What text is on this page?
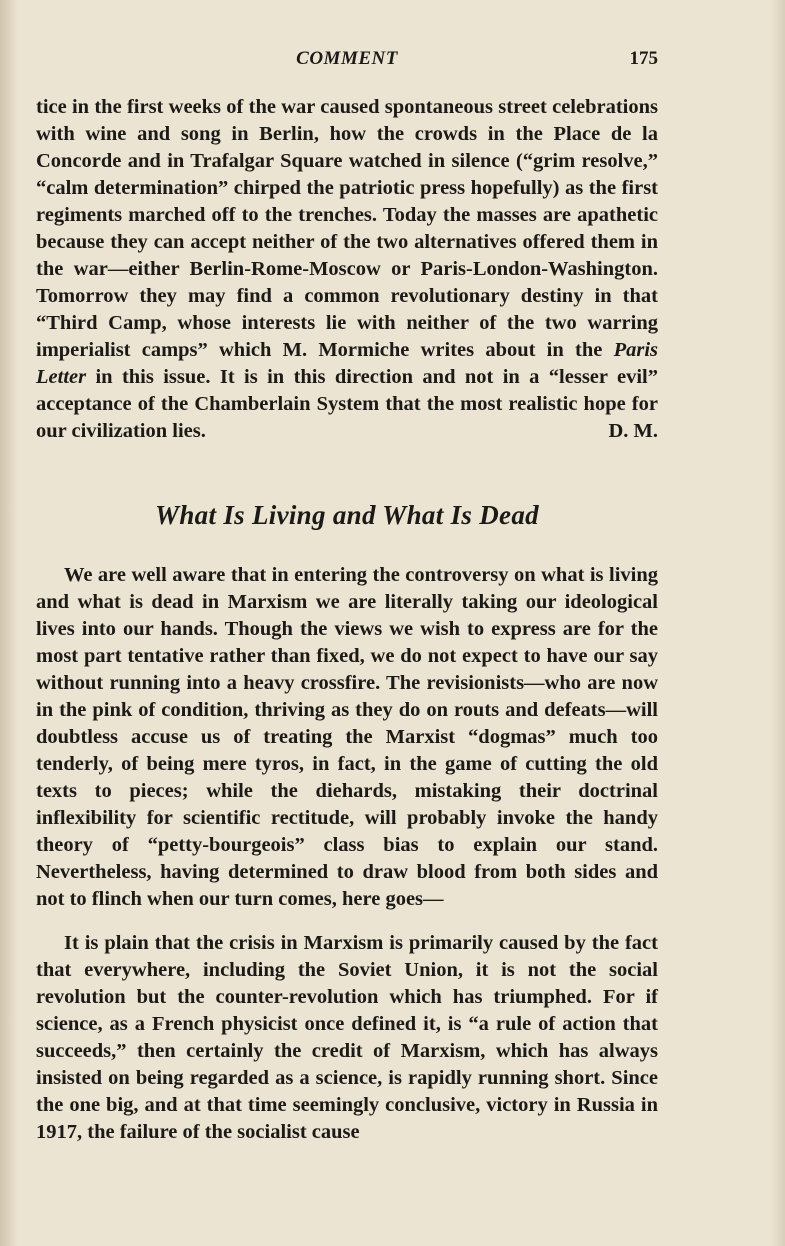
COMMENT	175

tice in the first weeks of the war caused spontaneous street celebrations with wine and song in Berlin, how the crowds in the Place de la Concorde and in Trafalgar Square watched in silence (“grim resolve,” “calm determination” chirped the patriotic press hopefully) as the first regiments marched off to the trenches. Today the masses are apathetic because they can accept neither of the two alternatives offered them in the war—either Berlin-Rome-Moscow or Paris-London-Washington. Tomorrow they may find a common revolutionary destiny in that “Third Camp, whose interests lie with neither of the two warring imperialist camps” which M. Mormiche writes about in the Paris Letter in this issue. It is in this direction and not in a “lesser evil” acceptance of the Chamberlain System that the most realistic hope for our civilization lies.	D. M.

What Is Living and What Is Dead

We are well aware that in entering the controversy on what is living and what is dead in Marxism we are literally taking our ideological lives into our hands. Though the views we wish to express are for the most part tentative rather than fixed, we do not expect to have our say without running into a heavy crossfire. The revisionists—who are now in the pink of condition, thriving as they do on routs and defeats—will doubtless accuse us of treating the Marxist “dogmas” much too tenderly, of being mere tyros, in fact, in the game of cutting the old texts to pieces; while the diehards, mistaking their doctrinal inflexibility for scientific rectitude, will probably invoke the handy theory of “petty-bourgeois” class bias to explain our stand. Nevertheless, having determined to draw blood from both sides and not to flinch when our turn comes, here goes—

It is plain that the crisis in Marxism is primarily caused by the fact that everywhere, including the Soviet Union, it is not the social revolution but the counter-revolution which has triumphed. For if science, as a French physicist once defined it, is “a rule of action that succeeds,” then certainly the credit of Marxism, which has always insisted on being regarded as a science, is rapidly running short. Since the one big, and at that time seemingly conclusive, victory in Russia in 1917, the failure of the socialist cause
